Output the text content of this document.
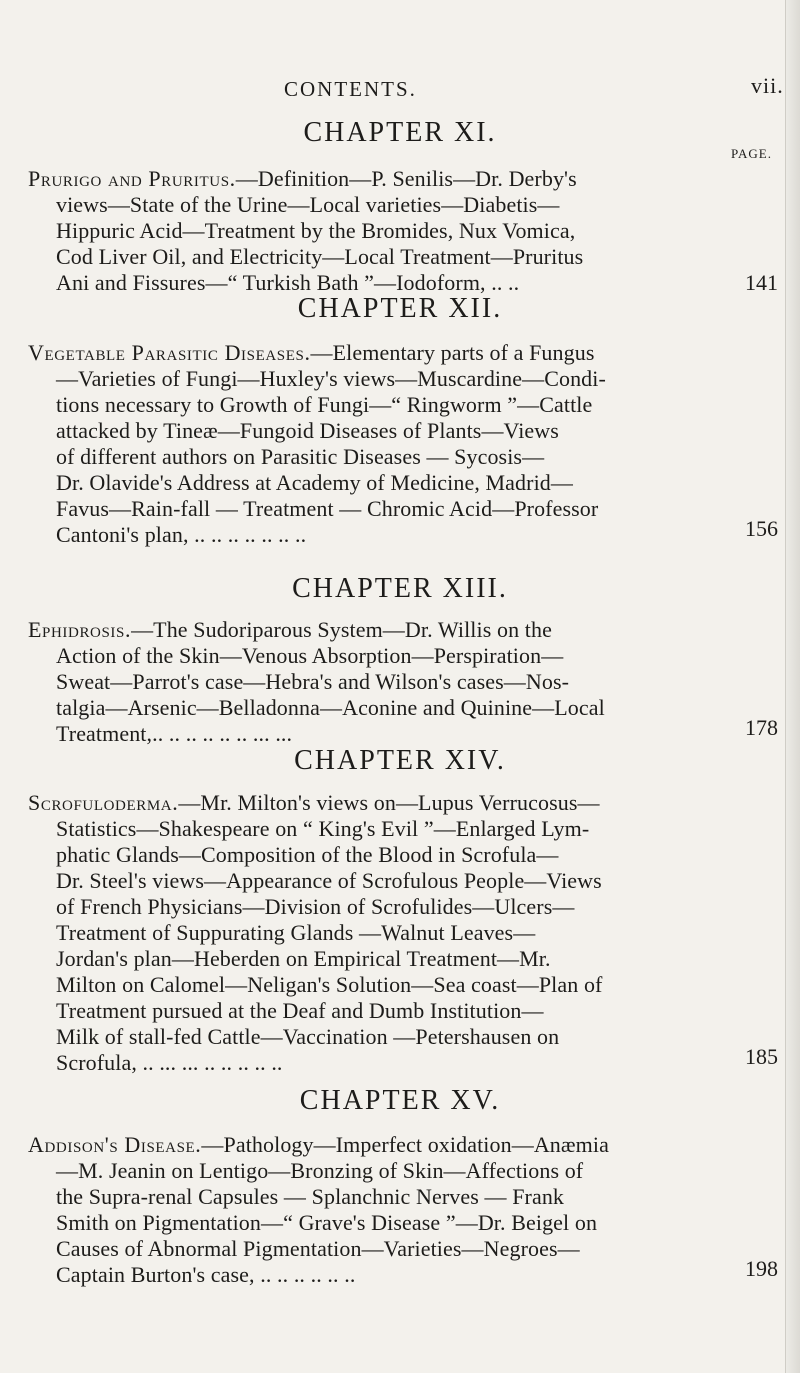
CONTENTS.	vii.
CHAPTER XI.
PAGE.
Prurigo and Pruritus.—Definition—P. Senilis—Dr. Derby's
views—State of the Urine—Local varieties—Diabetis—
Hippuric Acid—Treatment by the Bromides, Nux Vomica,
Cod Liver Oil, and Electricity—Local Treatment—Pruritus
Ani and Fissures—“ Turkish Bath ”—Iodoform, .. ..	141
CHAPTER XII.
Vegetable Parasitic Diseases.—Elementary parts of a Fungus
—Varieties of Fungi—Huxley's views—Muscardine—Condi-
tions necessary to Growth of Fungi—“ Ringworm ”—Cattle
attacked by Tineæ—Fungoid Diseases of Plants—Views
of different authors on Parasitic Diseases — Sycosis—
Dr. Olavide's Address at Academy of Medicine, Madrid—
Favus—Rain-fall — Treatment — Chromic Acid—Professor
Cantoni's plan, .. .. .. .. .. .. ..	156
CHAPTER XIII.
Ephidrosis.—The Sudoriparous System—Dr. Willis on the
Action of the Skin—Venous Absorption—Perspiration—
Sweat—Parrot's case—Hebra's and Wilson's cases—Nos-
talgia—Arsenic—Belladonna—Aconine and Quinine—Local
Treatment,.. .. .. .. .. .. ... ...	178
CHAPTER XIV.
Scrofuloderma.—Mr. Milton's views on—Lupus Verrucosus—
Statistics—Shakespeare on “ King's Evil ”—Enlarged Lym-
phatic Glands—Composition of the Blood in Scrofula—
Dr. Steel's views—Appearance of Scrofulous People—Views
of French Physicians—Division of Scrofulides—Ulcers—
Treatment of Suppurating Glands —Walnut Leaves—
Jordan's plan—Heberden on Empirical Treatment—Mr.
Milton on Calomel—Neligan's Solution—Sea coast—Plan of
Treatment pursued at the Deaf and Dumb Institution—
Milk of stall-fed Cattle—Vaccination —Petershausen on
Scrofula, .. ... ... .. .. .. .. ..	185
CHAPTER XV.
Addison's Disease.—Pathology—Imperfect oxidation—Anæmia
—M. Jeanin on Lentigo—Bronzing of Skin—Affections of
the Supra-renal Capsules — Splanchnic Nerves — Frank
Smith on Pigmentation—“ Grave's Disease ”—Dr. Beigel on
Causes of Abnormal Pigmentation—Varieties—Negroes—
Captain Burton's case, .. .. .. .. .. ..	198
